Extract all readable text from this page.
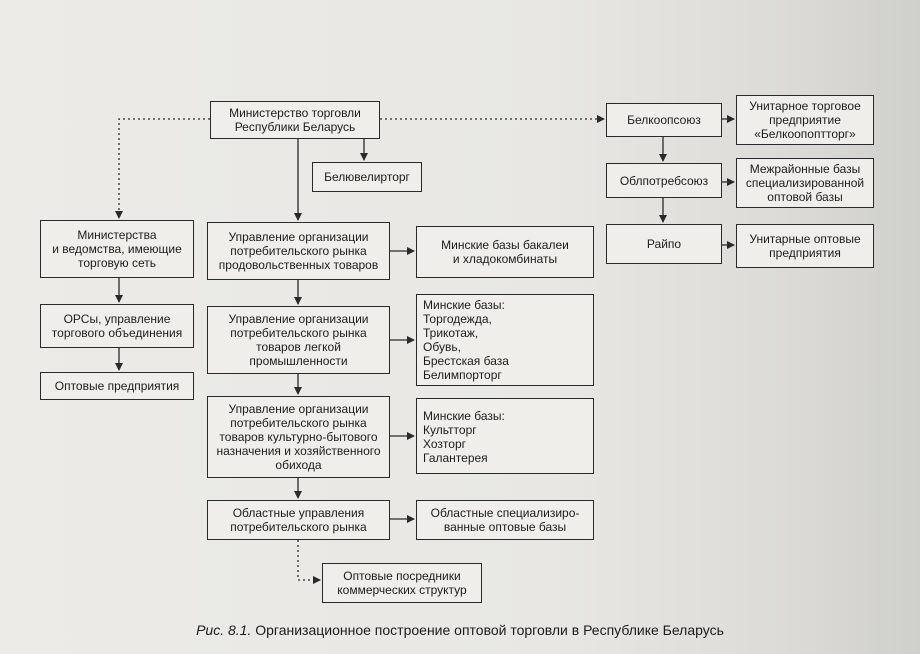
Министерство торговли
Республики Беларусь
Белювелирторг
Министерства
и ведомства, имеющие
торговую сеть
ОРСы, управление
торгового объединения
Оптовые предприятия
Управление организации
потребительского рынка
продовольственных товаров
Минские базы бакалеи
и хладокомбинаты
Управление организации
потребительского рынка
товаров легкой
промышленности
Минские базы:
Торгодежда,
Трикотаж,
Обувь,
Брестская база
Белимпорторг
Управление организации
потребительского рынка
товаров культурно-бытового
назначения и хозяйственного
обихода
Минские базы:
Культторг
Хозторг
Галантерея
Областные управления
потребительского рынка
Областные специализиро-
ванные оптовые базы
Оптовые посредники
коммерческих структур
Белкоопсоюз
Унитарное торговое
предприятие
«Белкоопоптторг»
Облпотребсоюз
Межрайонные базы
специализированной
оптовой базы
Райпо	Унитарные оптовые
предприятия
Рис. 8.1. Организационное построение оптовой торговли в Республике Беларусь
